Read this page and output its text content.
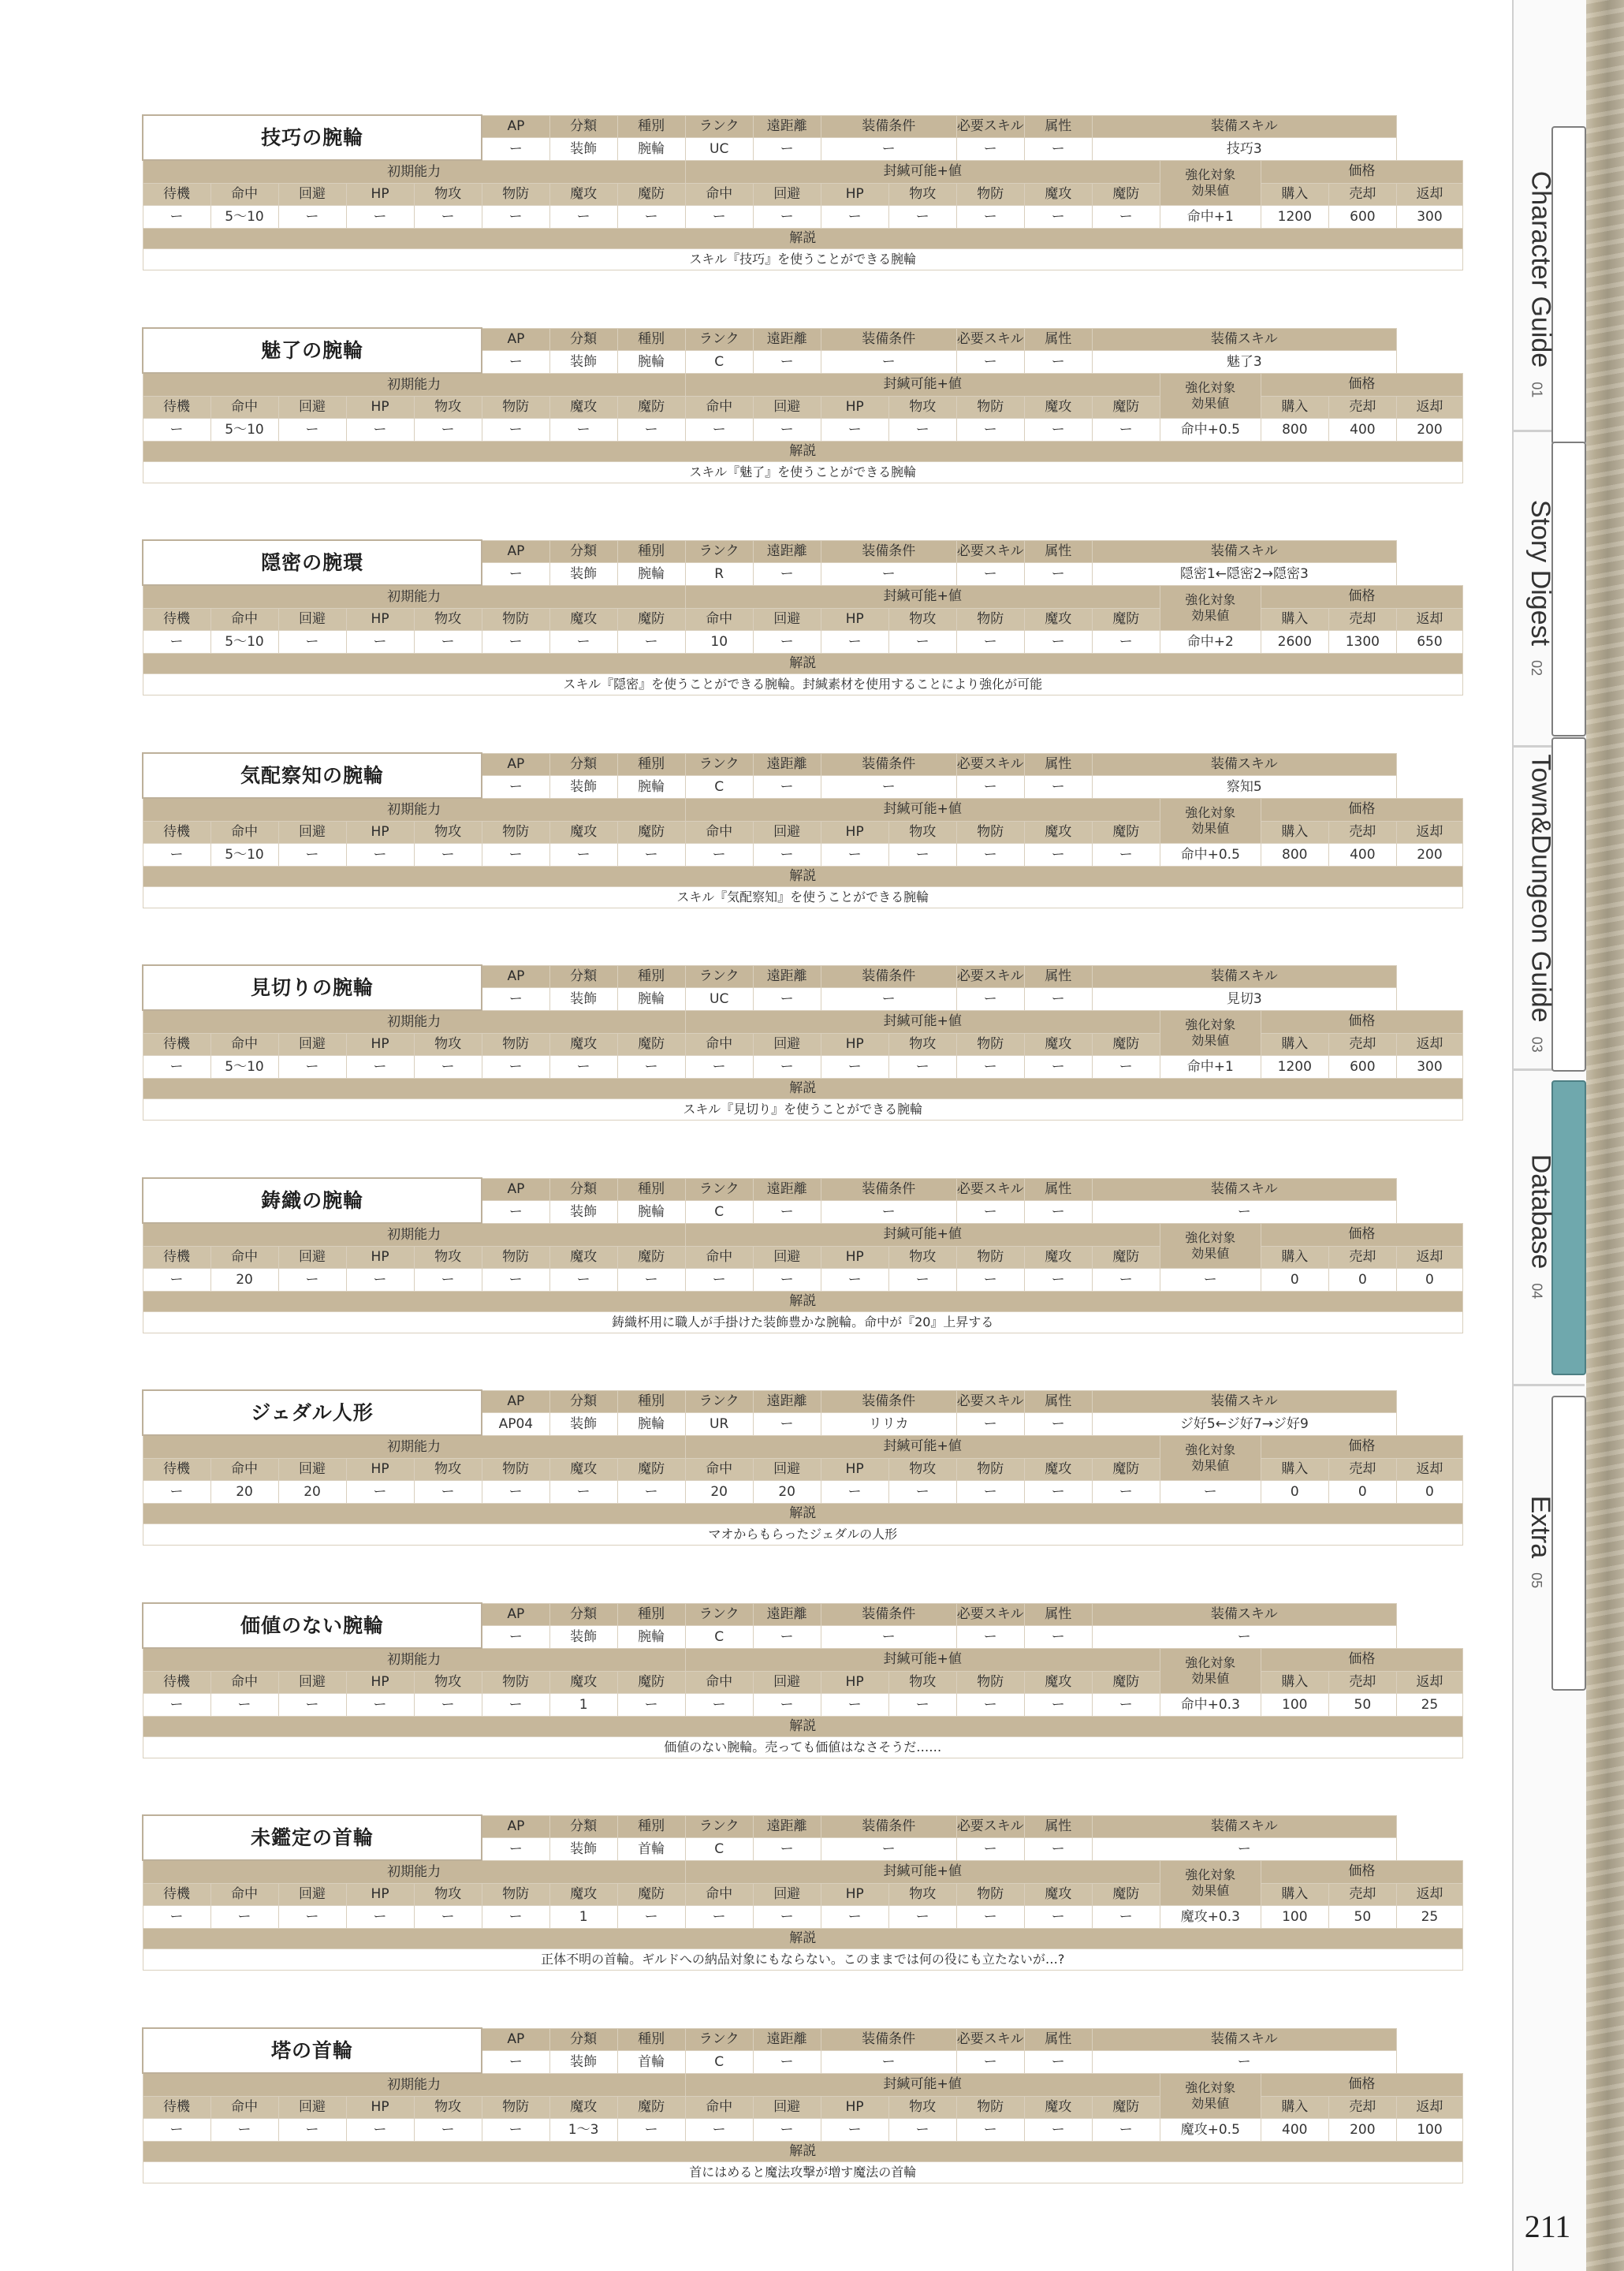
Character Guide
01
Story Digest
02
Town&Dungeon Guide
03
Database
04
Extra
05
技巧の腕輪					AP	分類	種別	ランク	遠距離	装備条件		必要スキル	属性	装備スキル				
					ー	装飾	腕輪	UC	ー	ー		ー	ー	技巧3				
初期能力								封緘可能+値							強化対象
効果値	価格		
待機	命中	回避	HP	物攻	物防	魔攻	魔防	命中	回避	HP	物攻	物防	魔攻	魔防		購入	売却	返却
ー	5～10	ー	ー	ー	ー	ー	ー	ー	ー	ー	ー	ー	ー	ー	命中+1	1200	600	300
解説																		
スキル『技巧』を使うことができる腕輪																		
魅了の腕輪					AP	分類	種別	ランク	遠距離	装備条件		必要スキル	属性	装備スキル				
					ー	装飾	腕輪	C	ー	ー		ー	ー	魅了3				
初期能力								封緘可能+値							強化対象
効果値	価格		
待機	命中	回避	HP	物攻	物防	魔攻	魔防	命中	回避	HP	物攻	物防	魔攻	魔防		購入	売却	返却
ー	5～10	ー	ー	ー	ー	ー	ー	ー	ー	ー	ー	ー	ー	ー	命中+0.5	800	400	200
解説																		
スキル『魅了』を使うことができる腕輪																		
隠密の腕環					AP	分類	種別	ランク	遠距離	装備条件		必要スキル	属性	装備スキル				
					ー	装飾	腕輪	R	ー	ー		ー	ー	隠密1←隠密2→隠密3				
初期能力								封緘可能+値							強化対象
効果値	価格		
待機	命中	回避	HP	物攻	物防	魔攻	魔防	命中	回避	HP	物攻	物防	魔攻	魔防		購入	売却	返却
ー	5～10	ー	ー	ー	ー	ー	ー	10	ー	ー	ー	ー	ー	ー	命中+2	2600	1300	650
解説																		
スキル『隠密』を使うことができる腕輪。封緘素材を使用することにより強化が可能																		
気配察知の腕輪					AP	分類	種別	ランク	遠距離	装備条件		必要スキル	属性	装備スキル				
					ー	装飾	腕輪	C	ー	ー		ー	ー	察知5				
初期能力								封緘可能+値							強化対象
効果値	価格		
待機	命中	回避	HP	物攻	物防	魔攻	魔防	命中	回避	HP	物攻	物防	魔攻	魔防		購入	売却	返却
ー	5～10	ー	ー	ー	ー	ー	ー	ー	ー	ー	ー	ー	ー	ー	命中+0.5	800	400	200
解説																		
スキル『気配察知』を使うことができる腕輪																		
見切りの腕輪					AP	分類	種別	ランク	遠距離	装備条件		必要スキル	属性	装備スキル				
					ー	装飾	腕輪	UC	ー	ー		ー	ー	見切3				
初期能力								封緘可能+値							強化対象
効果値	価格		
待機	命中	回避	HP	物攻	物防	魔攻	魔防	命中	回避	HP	物攻	物防	魔攻	魔防		購入	売却	返却
ー	5～10	ー	ー	ー	ー	ー	ー	ー	ー	ー	ー	ー	ー	ー	命中+1	1200	600	300
解説																		
スキル『見切り』を使うことができる腕輪																		
鋳織の腕輪					AP	分類	種別	ランク	遠距離	装備条件		必要スキル	属性	装備スキル				
					ー	装飾	腕輪	C	ー	ー		ー	ー	ー				
初期能力								封緘可能+値							強化対象
効果値	価格		
待機	命中	回避	HP	物攻	物防	魔攻	魔防	命中	回避	HP	物攻	物防	魔攻	魔防		購入	売却	返却
ー	20	ー	ー	ー	ー	ー	ー	ー	ー	ー	ー	ー	ー	ー	ー	0	0	0
解説																		
鋳織杯用に職人が手掛けた装飾豊かな腕輪。命中が『20』上昇する																		
ジェダル人形					AP	分類	種別	ランク	遠距離	装備条件		必要スキル	属性	装備スキル				
					AP04	装飾	腕輪	UR	ー	リリカ		ー	ー	ジ好5←ジ好7→ジ好9				
初期能力								封緘可能+値							強化対象
効果値	価格		
待機	命中	回避	HP	物攻	物防	魔攻	魔防	命中	回避	HP	物攻	物防	魔攻	魔防		購入	売却	返却
ー	20	20	ー	ー	ー	ー	ー	20	20	ー	ー	ー	ー	ー	ー	0	0	0
解説																		
マオからもらったジェダルの人形																		
価値のない腕輪					AP	分類	種別	ランク	遠距離	装備条件		必要スキル	属性	装備スキル				
					ー	装飾	腕輪	C	ー	ー		ー	ー	ー				
初期能力								封緘可能+値							強化対象
効果値	価格		
待機	命中	回避	HP	物攻	物防	魔攻	魔防	命中	回避	HP	物攻	物防	魔攻	魔防		購入	売却	返却
ー	ー	ー	ー	ー	ー	1	ー	ー	ー	ー	ー	ー	ー	ー	命中+0.3	100	50	25
解説																		
価値のない腕輪。売っても価値はなさそうだ……																		
未鑑定の首輪					AP	分類	種別	ランク	遠距離	装備条件		必要スキル	属性	装備スキル				
					ー	装飾	首輪	C	ー	ー		ー	ー	ー				
初期能力								封緘可能+値							強化対象
効果値	価格		
待機	命中	回避	HP	物攻	物防	魔攻	魔防	命中	回避	HP	物攻	物防	魔攻	魔防		購入	売却	返却
ー	ー	ー	ー	ー	ー	1	ー	ー	ー	ー	ー	ー	ー	ー	魔攻+0.3	100	50	25
解説																		
正体不明の首輪。ギルドへの納品対象にもならない。このままでは何の役にも立たないが…?																		
塔の首輪					AP	分類	種別	ランク	遠距離	装備条件		必要スキル	属性	装備スキル				
					ー	装飾	首輪	C	ー	ー		ー	ー	ー				
初期能力								封緘可能+値							強化対象
効果値	価格		
待機	命中	回避	HP	物攻	物防	魔攻	魔防	命中	回避	HP	物攻	物防	魔攻	魔防		購入	売却	返却
ー	ー	ー	ー	ー	ー	1～3	ー	ー	ー	ー	ー	ー	ー	ー	魔攻+0.5	400	200	100
解説																		
首にはめると魔法攻撃が増す魔法の首輪																		
211
